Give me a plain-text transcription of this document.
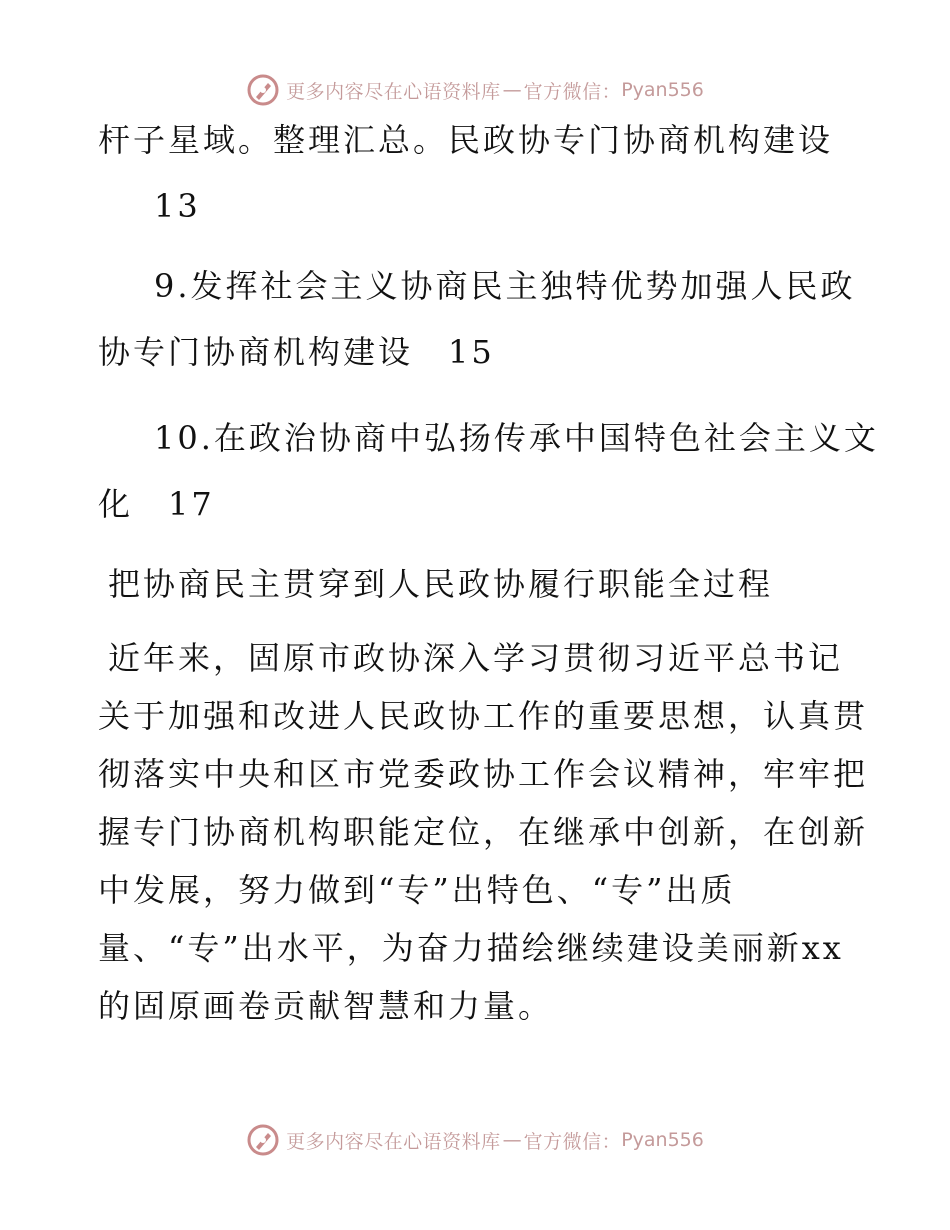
更多内容尽在心语资料库 — 官方微信： Pyan556
杆子星域。整理汇总。民政协专门协商机构建设
13
9.发挥社会主义协商民主独特优势加强人民政
协专门协商机构建设　15
10.在政治协商中弘扬传承中国特色社会主义文
化　17
把协商民主贯穿到人民政协履行职能全过程
近年来，固原市政协深入学习贯彻习近平总书记
关于加强和改进人民政协工作的重要思想，认真贯
彻落实中央和区市党委政协工作会议精神，牢牢把
握专门协商机构职能定位，在继承中创新，在创新
中发展，努力做到“专”出特色、“专”出质
量、“专”出水平，为奋力描绘继续建设美丽新xx
的固原画卷贡献智慧和力量。
更多内容尽在心语资料库 — 官方微信： Pyan556
